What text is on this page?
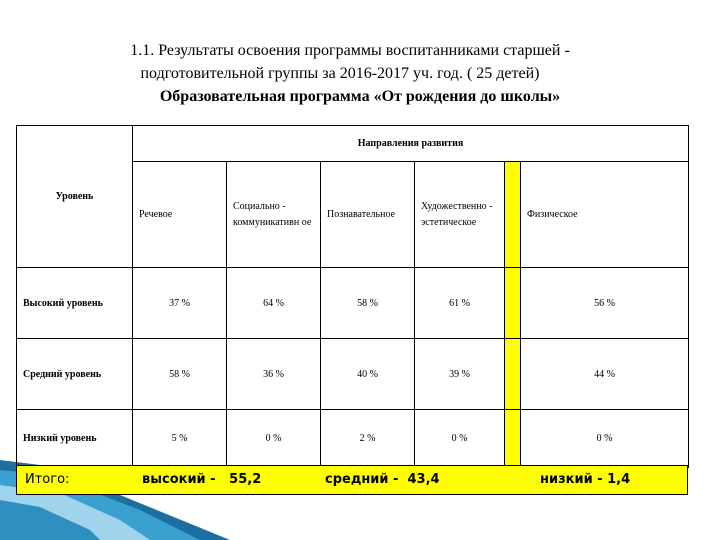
1.1. Результаты освоения программы воспитанниками старшей -
подготовительной группы за 2016-2017 уч. год. ( 25 детей)
Образовательная программа «От рождения до школы»
Уровень	Направления развития					

	Речевое	Социально - коммуникативн ое	Познавательное	Художественно - эстетическое		Физическое

Высокий уровень	37 %	64 %	58 %	61 %		56 %
Средний уровень	58 %	36 %	40 %	39 %		44 %
Низкий уровень	5 %	0 %	2 %	0 %		0 %
Итого:	высокий -   55,2	средний -  43,4	низкий - 1,4
